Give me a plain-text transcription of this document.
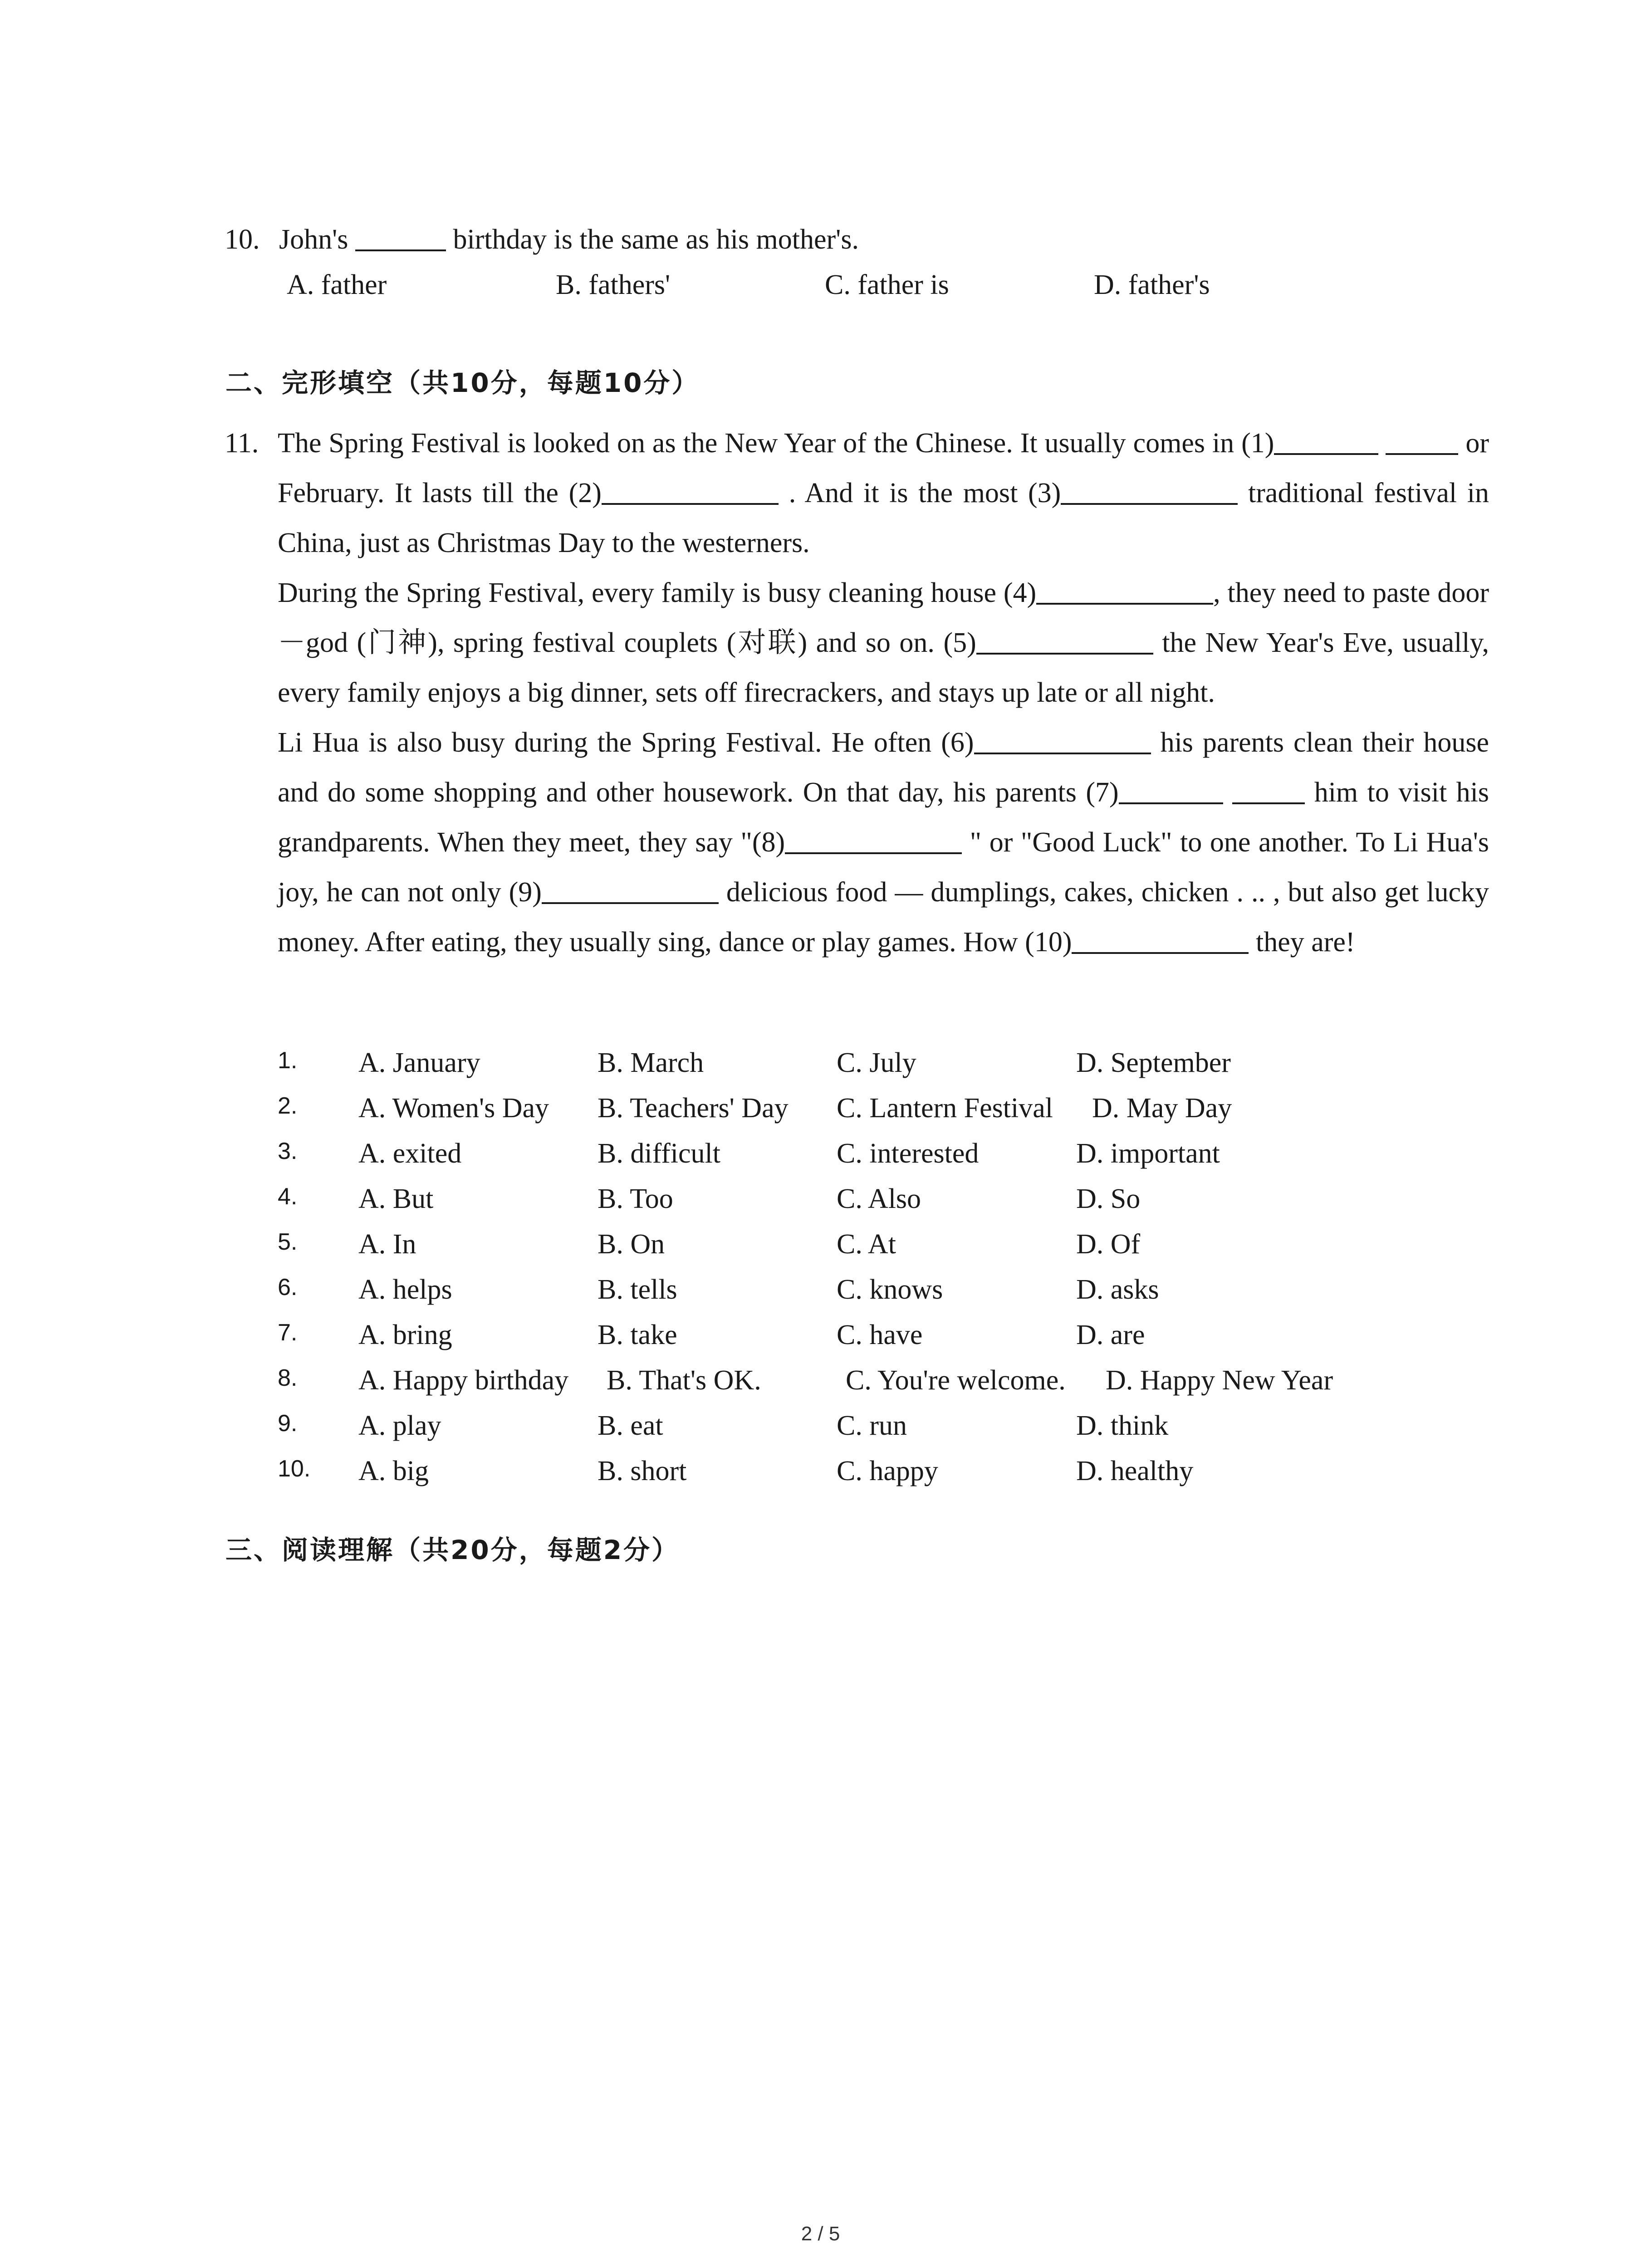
10. John's	birthday is the same as his mother's.
A. father	B. fathers'	C. father is	D. father's
二、完形填空（共10分，每题10分）
11. The Spring Festival is looked on as the New Year of the Chinese. It usually comes in (1)	or February. It lasts till the (2)	. And it is the most (3)	traditional festival in China, just as Christmas Day to the westerners.

During the Spring Festival, every family is busy cleaning house (4)	, they need to paste door－god (门神), spring festival couplets (对联) and so on. (5)	the New Year's Eve, usually, every family enjoys a big dinner, sets off firecrackers, and stays up late or all night.

Li Hua is also busy during the Spring Festival. He often (6)	his parents clean their house and do some shopping and other housework. On that day, his parents (7)	him to visit his grandparents. When they meet, they say "(8)	" or "Good Luck" to one another. To Li Hua's joy, he can not only (9)	delicious food — dumplings, cakes, chicken . .. , but also get lucky money. After eating, they usually sing, dance or play games. How (10)	they are!

1. A. January	B. March	C. July	D. September
2. A. Women's Day B. Teachers' Day C. Lantern Festival D. May Day
3. A. exited	B. difficult	C. interested	D. important
4. A. But	B. Too	C. Also	D. So
5. A. In	B. On	C. At	D. Of
6. A. helps	B. tells	C. knows	D. asks
7. A. bring	B. take	C. have	D. are
8. A. Happy birthday B. That's OK.	C. You're welcome. D. Happy New Year
9. A. play	B. eat	C. run	D. think
10. A. big	B. short	C. happy	D. healthy
三、阅读理解（共20分，每题2分）
2 / 5
